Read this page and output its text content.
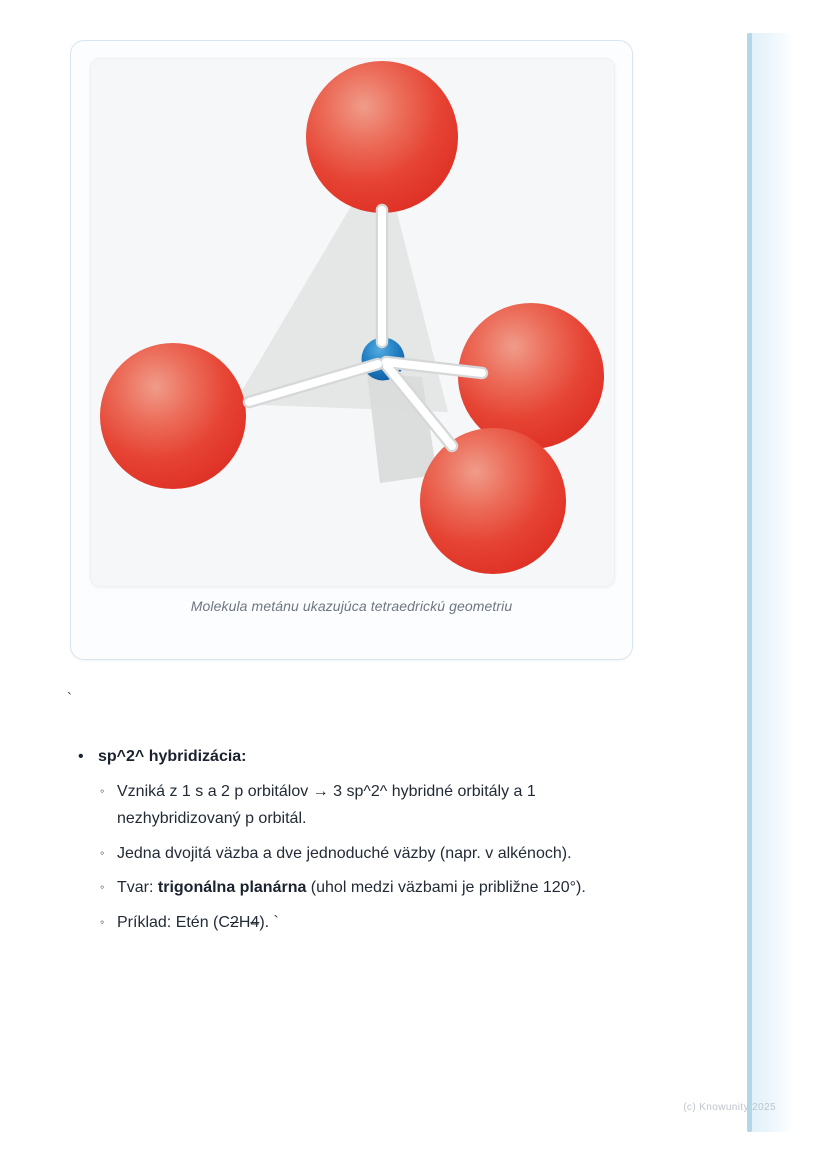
Molekula metánu ukazujúca tetraedrickú geometriu
`
• sp^2^ hybridizácia:
◦ Vzniká z 1 s a 2 p orbitálov → 3 sp^2^ hybridné orbitály a 1 nezhybridizovaný p orbitál.
◦ Jedna dvojitá väzba a dve jednoduché väzby (napr. v alkénoch).
◦ Tvar: trigonálna planárna (uhol medzi väzbami je približne 120°).
◦ Príklad: Etén (C2H4). `
(c) Knowunity 2025
